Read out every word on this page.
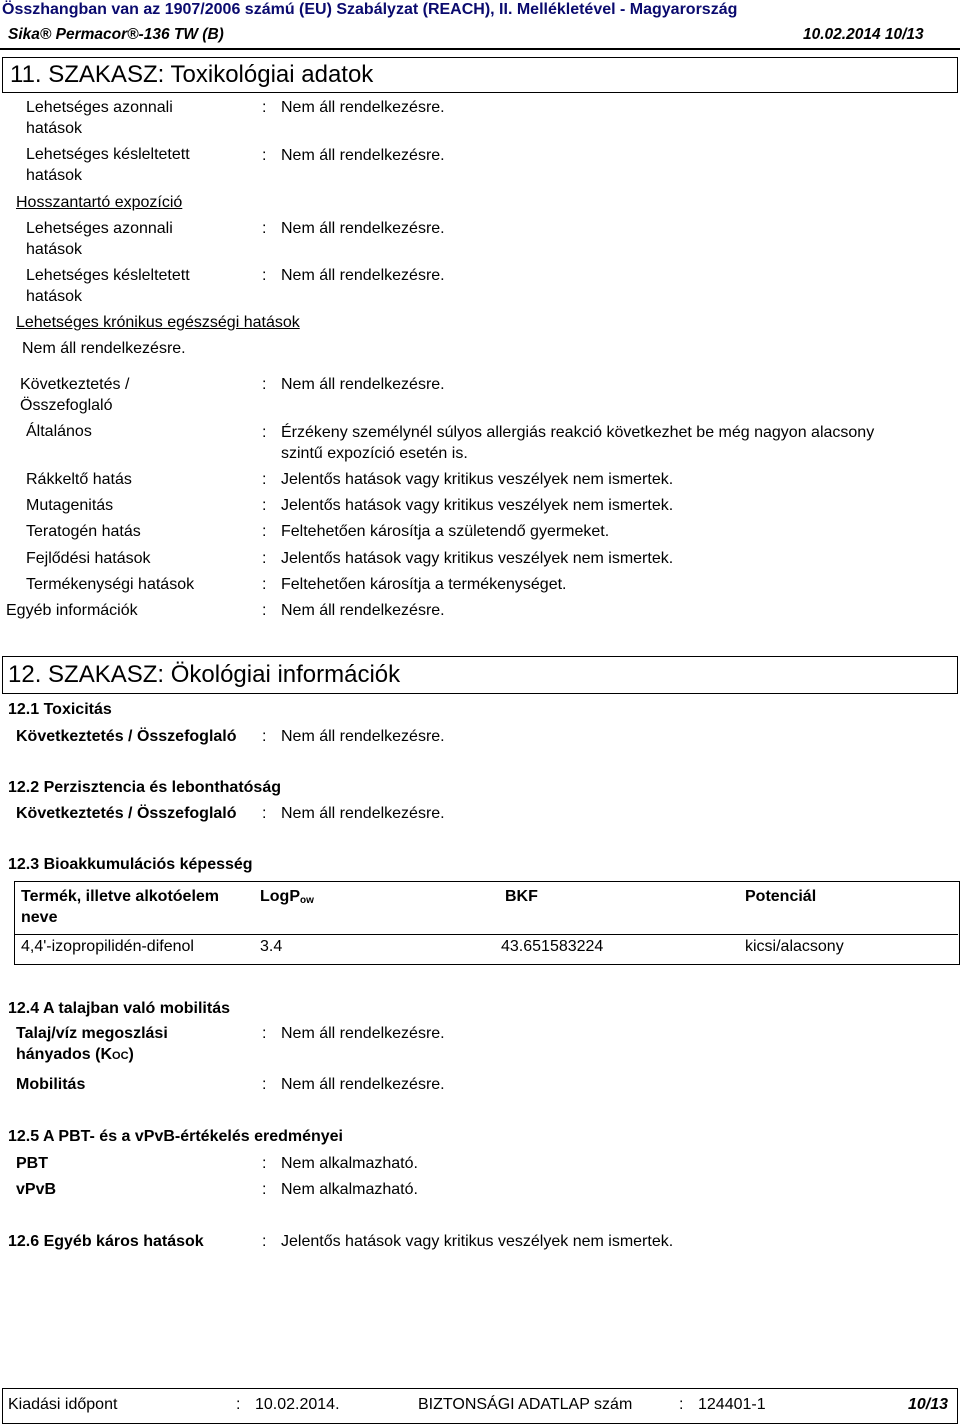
Összhangban van az 1907/2006 számú (EU) Szabályzat (REACH), II. Mellékletével - Magyarország
Sika® Permacor®-136 TW (B)	10.02.2014 10/13
11. SZAKASZ: Toxikológiai adatok
Lehetséges azonnali
hatások
: Nem áll rendelkezésre.
Lehetséges késleltetett
hatások
: Nem áll rendelkezésre.
Hosszantartó expozíció
Lehetséges azonnali
hatások
: Nem áll rendelkezésre.
Lehetséges késleltetett
hatások
: Nem áll rendelkezésre.
Lehetséges krónikus egészségi hatások
Nem áll rendelkezésre.
Következtetés /
Összefoglaló
: Nem áll rendelkezésre.
Általános	: Érzékeny személynél súlyos allergiás reakció következhet be még nagyon alacsony
szintű expozíció esetén is.
Rákkeltő hatás	: Jelentős hatások vagy kritikus veszélyek nem ismertek.
Mutagenitás	: Jelentős hatások vagy kritikus veszélyek nem ismertek.
Teratogén hatás	: Feltehetően károsítja a születendő gyermeket.
Fejlődési hatások	: Jelentős hatások vagy kritikus veszélyek nem ismertek.
Termékenységi hatások	: Feltehetően károsítja a termékenységet.
Egyéb információk	: Nem áll rendelkezésre.
12. SZAKASZ: Ökológiai információk
12.1 Toxicitás
Következtetés / Összefoglaló : Nem áll rendelkezésre.
12.2 Perzisztencia és lebonthatóság
Következtetés / Összefoglaló : Nem áll rendelkezésre.
12.3 Bioakkumulációs képesség
Termék, illetve alkotóelem
neve
LogPow	BKF	Potenciál
4,4'-izopropilidén-difenol	3.4	43.651583224	kicsi/alacsony
12.4 A talajban való mobilitás
Talaj/víz megoszlási
hányados (KOC)
: Nem áll rendelkezésre.
Mobilitás	: Nem áll rendelkezésre.
12.5 A PBT- és a vPvB-értékelés eredményei
PBT	: Nem alkalmazható.
vPvB	: Nem alkalmazható.
12.6 Egyéb káros hatások	: Jelentős hatások vagy kritikus veszélyek nem ismertek.
Kiadási időpont	: 10.02.2014.	BIZTONSÁGI ADATLAP szám	: 124401-1	10/13
